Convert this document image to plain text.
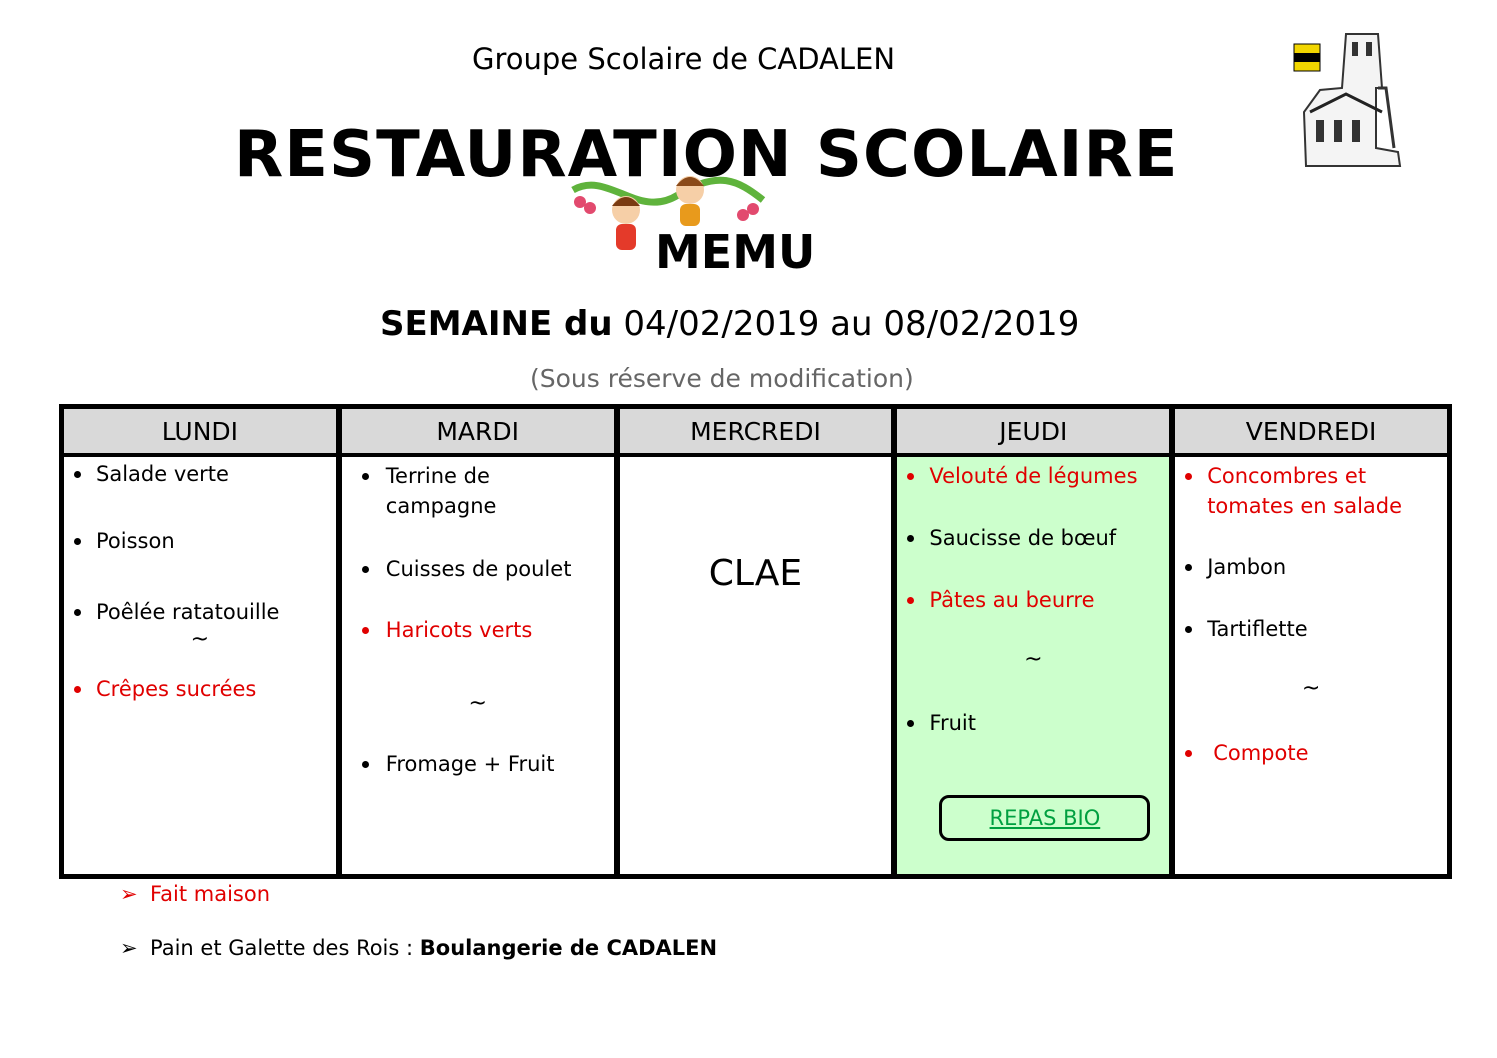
Groupe Scolaire de CADALEN
RESTAURATION SCOLAIRE
MEMU
SEMAINE du 04/02/2019 au 08/02/2019
(Sous réserve de modification)
LUNDI
Salade verte
Poisson
Poêlée ratatouille
~
Crêpes sucrées
MARDI
Terrine de campagne
Cuisses de poulet
Haricots verts
~
Fromage + Fruit
MERCREDI
CLAE
JEUDI
Velouté de légumes
Saucisse de bœuf
Pâtes au beurre
~
Fruit
REPAS BIO
VENDREDI
Concombres et tomates en salade
Jambon
Tartiflette
~
Compote
➢ Fait maison
➢ Pain et Galette des Rois : Boulangerie de CADALEN
